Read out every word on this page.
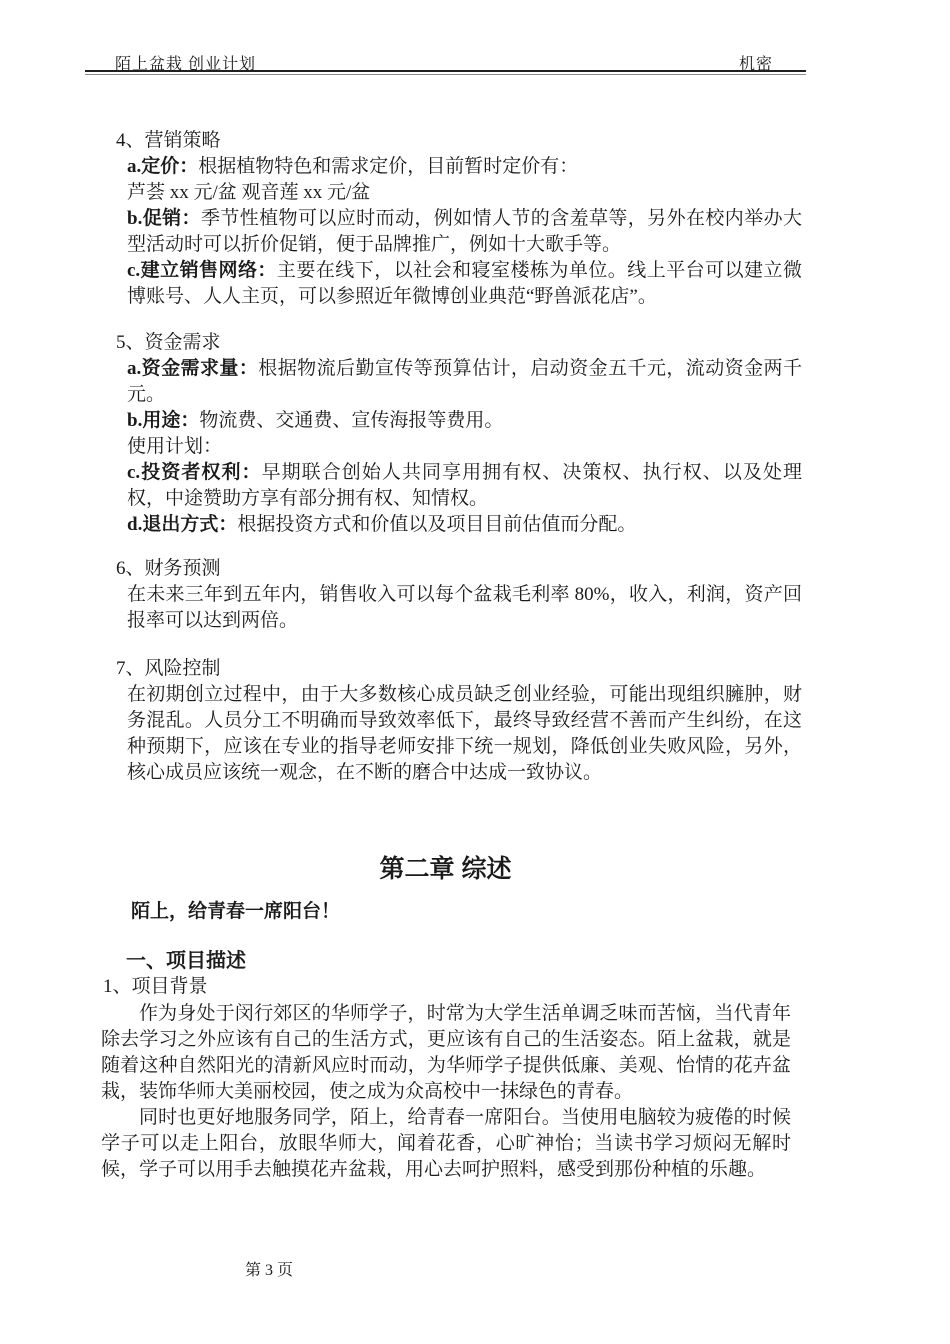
陌上盆栽 创业计划	机密
4、营销策略

a.定价：根据植物特色和需求定价，目前暂时定价有：

芦荟 xx 元/盆 观音莲 xx 元/盆

b.促销：季节性植物可以应时而动，例如情人节的含羞草等，另外在校内举办大型活动时可以折价促销，便于品牌推广，例如十大歌手等。

c.建立销售网络：主要在线下，以社会和寝室楼栋为单位。线上平台可以建立微博账号、人人主页，可以参照近年微博创业典范“野兽派花店”。

5、资金需求

a.资金需求量：根据物流后勤宣传等预算估计，启动资金五千元，流动资金两千元。

b.用途：物流费、交通费、宣传海报等费用。

使用计划：

c.投资者权利：早期联合创始人共同享用拥有权、决策权、执行权、以及处理权，中途赞助方享有部分拥有权、知情权。

d.退出方式：根据投资方式和价值以及项目目前估值而分配。

6、财务预测

在未来三年到五年内，销售收入可以每个盆栽毛利率 80%，收入，利润，资产回报率可以达到两倍。

7、风险控制

在初期创立过程中，由于大多数核心成员缺乏创业经验，可能出现组织臃肿，财务混乱。人员分工不明确而导致效率低下，最终导致经营不善而产生纠纷，在这种预期下，应该在专业的指导老师安排下统一规划，降低创业失败风险，另外，核心成员应该统一观念，在不断的磨合中达成一致协议。

第二章 综述
陌上，给青春一席阳台！
一、项目描述
1、项目背景

作为身处于闵行郊区的华师学子，时常为大学生活单调乏味而苦恼，当代青年除去学习之外应该有自己的生活方式，更应该有自己的生活姿态。陌上盆栽，就是随着这种自然阳光的清新风应时而动，为华师学子提供低廉、美观、怡情的花卉盆栽，装饰华师大美丽校园，使之成为众高校中一抹绿色的青春。

同时也更好地服务同学，陌上，给青春一席阳台。当使用电脑较为疲倦的时候学子可以走上阳台，放眼华师大，闻着花香，心旷神怡；当读书学习烦闷无解时候，学子可以用手去触摸花卉盆栽，用心去呵护照料，感受到那份种植的乐趣。

第 3 页
